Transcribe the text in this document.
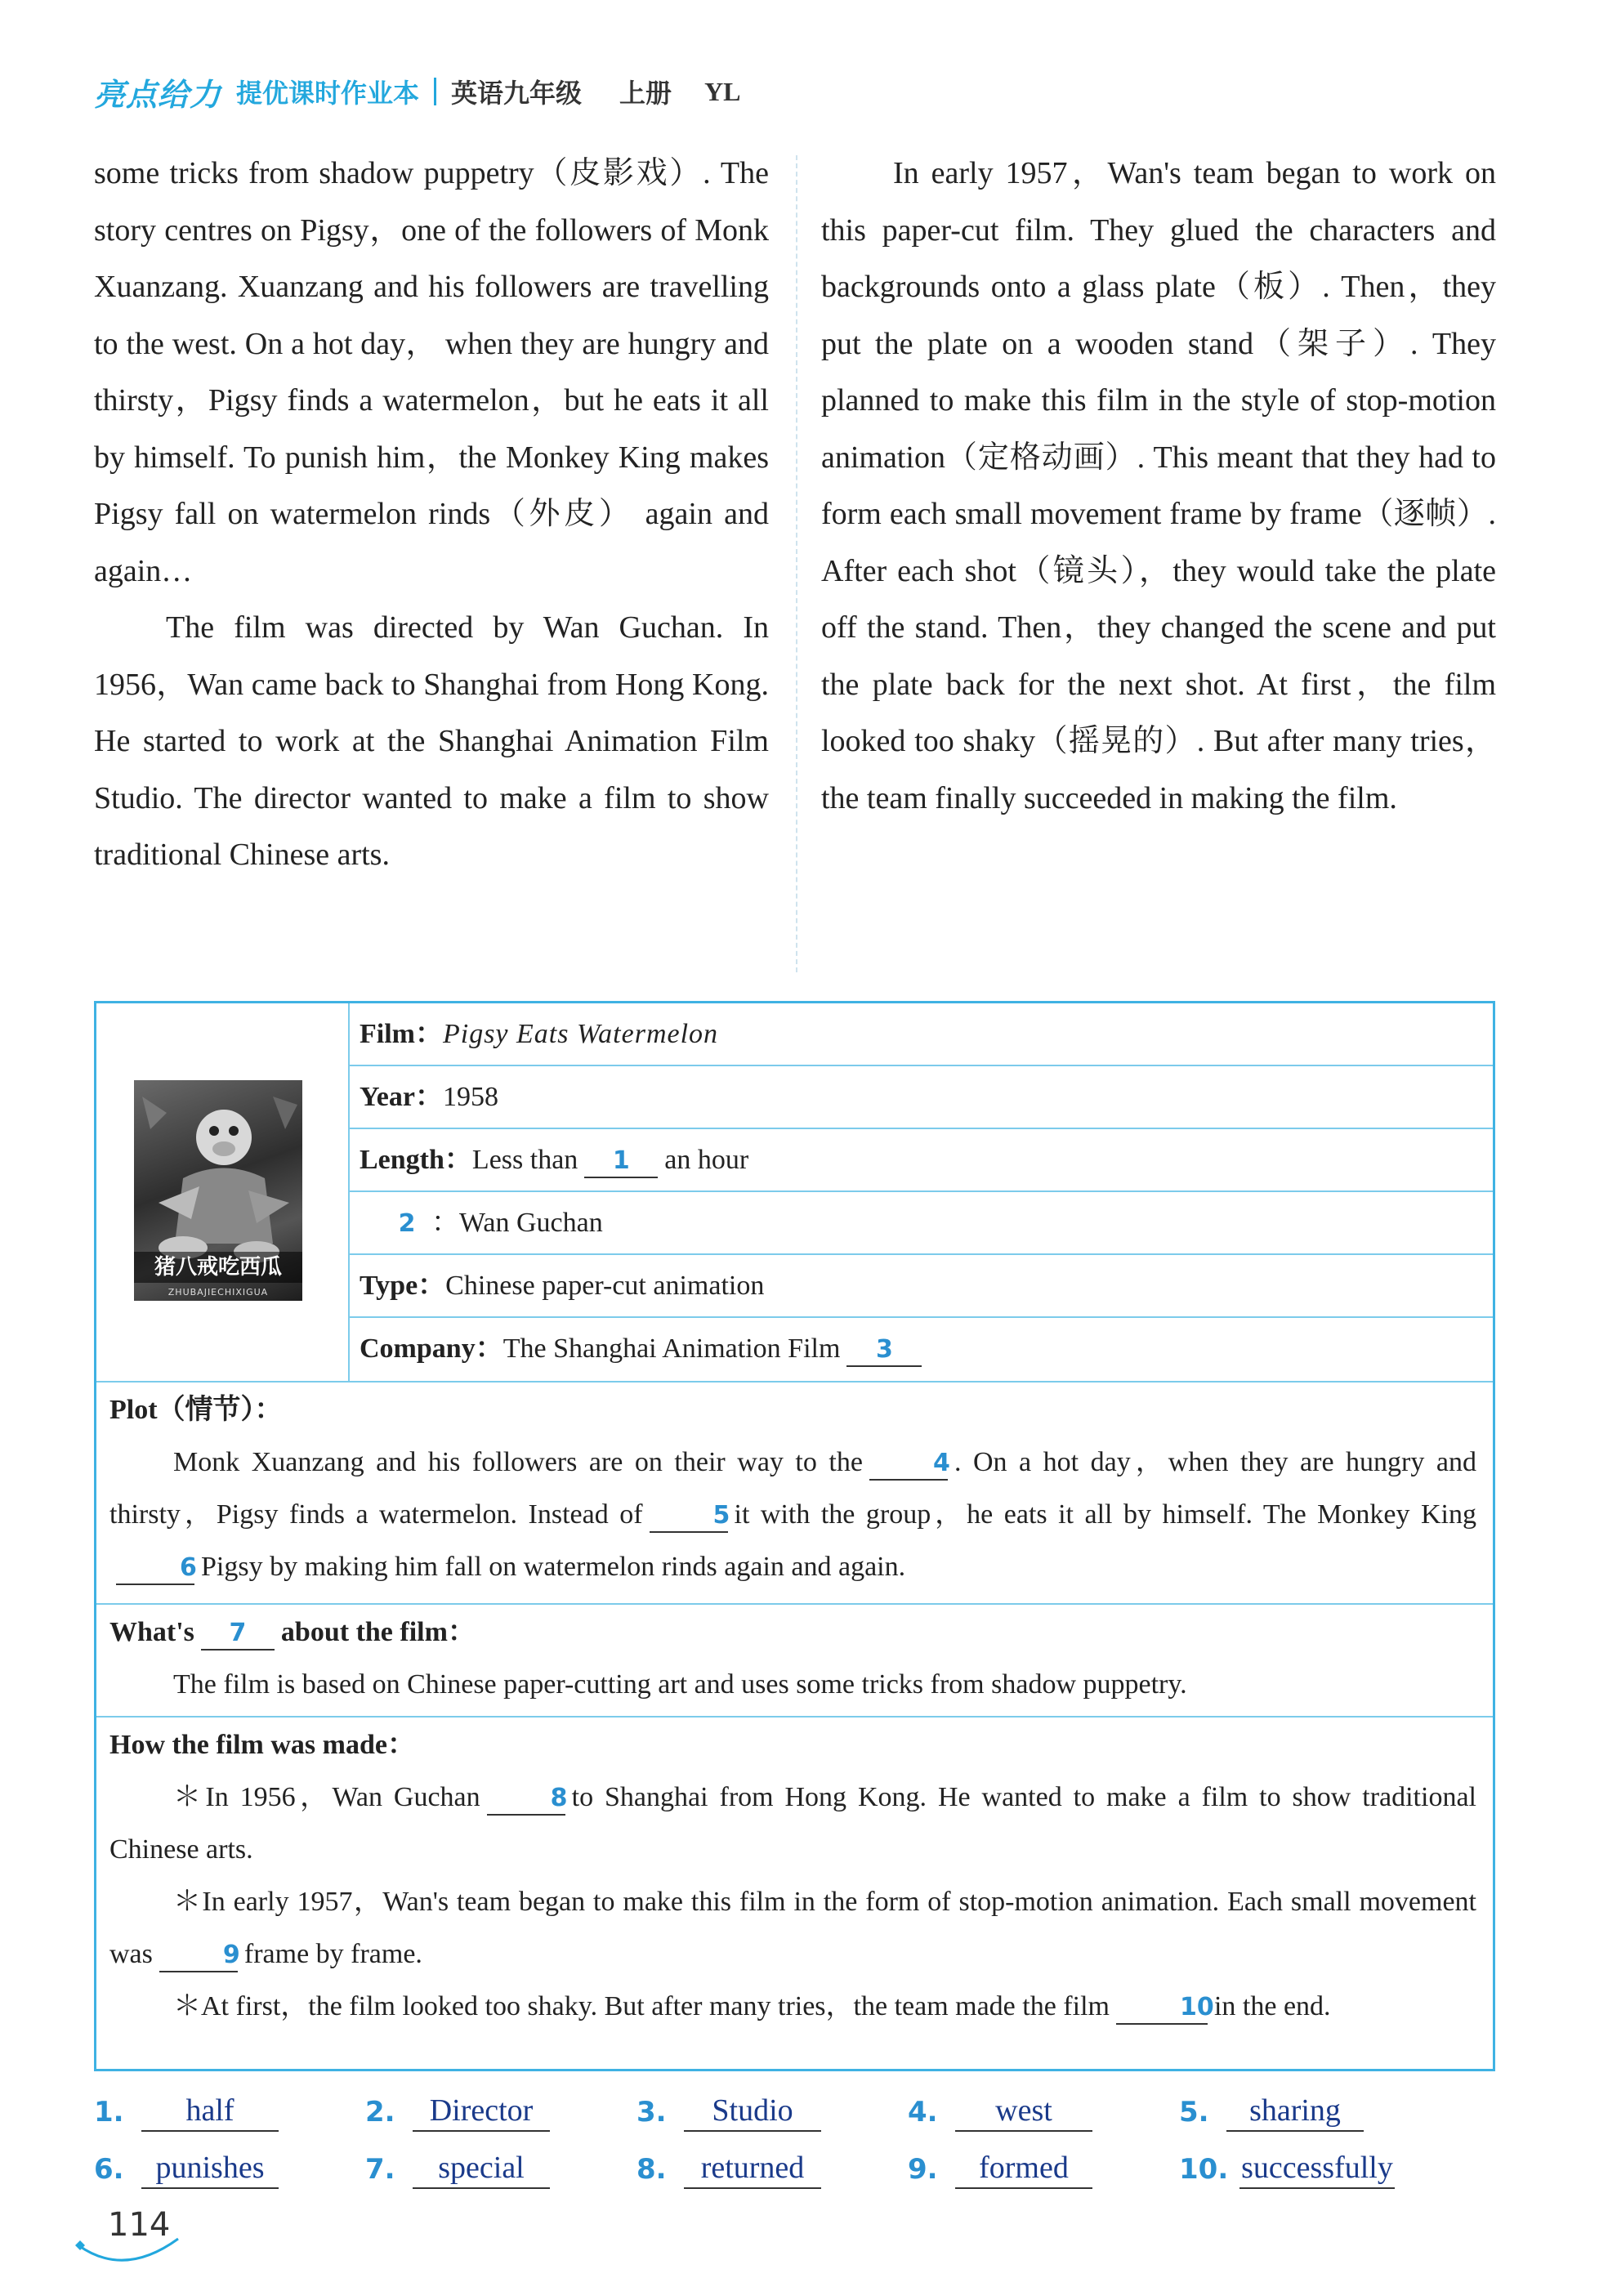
亮点给力 提优课时作业本 英语九年级 上册 YL

some tricks from shadow puppetry（皮影戏）. The story centres on Pigsy，one of the followers of Monk Xuanzang. Xuanzang and his followers are travelling to the west. On a hot day， when they are hungry and thirsty，Pigsy finds a watermelon，but he eats it all by himself. To punish him，the Monkey King makes Pigsy fall on watermelon rinds（外皮） again and again…

The film was directed by Wan Guchan. In 1956，Wan came back to Shanghai from Hong Kong. He started to work at the Shanghai Animation Film Studio. The director wanted to make a film to show traditional Chinese arts.

In early 1957，Wan's team began to work on this paper-cut film. They glued the characters and backgrounds onto a glass plate（板）. Then，they put the plate on a wooden stand（架子）. They planned to make this film in the style of stop-motion animation（定格动画）. This meant that they had to form each small movement frame by frame（逐帧）. After each shot（镜头），they would take the plate off the stand. Then，they changed the scene and put the plate back for the next shot. At first，the film looked too shaky（摇晃的）. But after many tries，the team finally succeeded in making the film.

猪八戒吃西瓜
ZHUBAJIECHIXIGUA
Film：Pigsy Eats Watermelon
Year：1958
Length：Less than 1 an hour
2 ：Wan Guchan
Type：Chinese paper-cut animation
Company：The Shanghai Animation Film 3

Plot（情节）：

Monk Xuanzang and his followers are on their way to the	4 . On a hot day，when they are hungry and thirsty，Pigsy finds a watermelon. Instead of	5 it with the group，he eats it all by himself. The Monkey King6 Pigsy by making him fall on watermelon rinds again and again.

What's 7 about the film：

The film is based on Chinese paper-cutting art and uses some tricks from shadow puppetry.

How the film was made：

＊In 1956，Wan Guchan	8 to Shanghai from Hong Kong. He wanted to make a film to show traditional Chinese arts.

＊In early 1957，Wan's team began to make this film in the form of stop-motion animation. Each small movement was	9 frame by frame.

＊At first，the film looked too shaky. But after many tries，the team made the film	10in the end.

1.	half	2.	Director	3.	Studio	4.	west	5.	sharing
6.	punishes	7.	special	8.	returned	9.	formed	10. successfully
114
